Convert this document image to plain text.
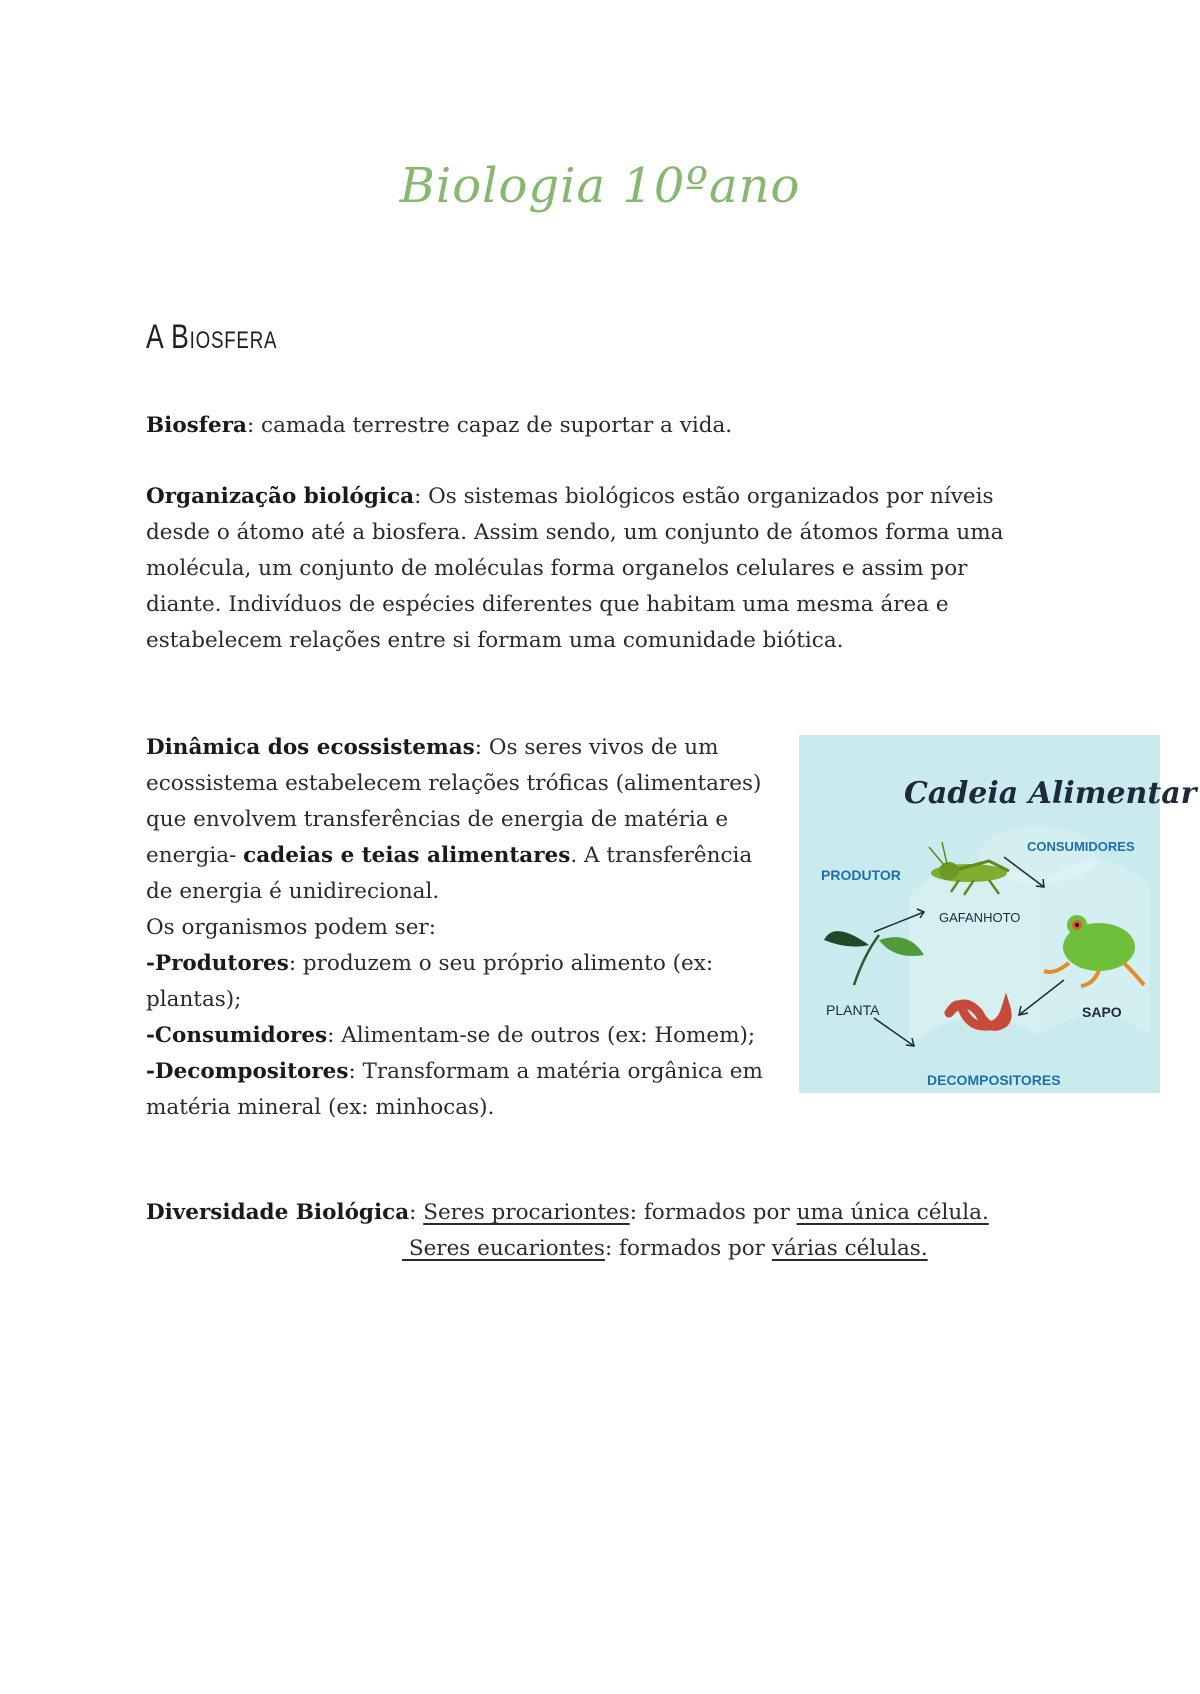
Biologia 10ºano
A Biosfera
Biosfera: camada terrestre capaz de suportar a vida.
Organização biológica: Os sistemas biológicos estão organizados por níveis
desde o átomo até a biosfera. Assim sendo, um conjunto de átomos forma uma
molécula, um conjunto de moléculas forma organelos celulares e assim por
diante. Indivíduos de espécies diferentes que habitam uma mesma área e
estabelecem relações entre si formam uma comunidade biótica.
Dinâmica dos ecossistemas: Os seres vivos de um
ecossistema estabelecem relações tróficas (alimentares)
que envolvem transferências de energia de matéria e
energia- cadeias e teias alimentares. A transferência
de energia é unidirecional.
Os organismos podem ser:
-Produtores: produzem o seu próprio alimento (ex:
plantas);
-Consumidores: Alimentam-se de outros (ex: Homem);
-Decompositores: Transformam a matéria orgânica em
matéria mineral (ex: minhocas).
Cadeia Alimentar
PRODUTOR
CONSUMIDORES
GAFANHOTO
PLANTA	SAPO
DECOMPOSITORES
Diversidade Biológica: Seres procariontes: formados por uma única célula.
Seres eucariontes: formados por várias células.
